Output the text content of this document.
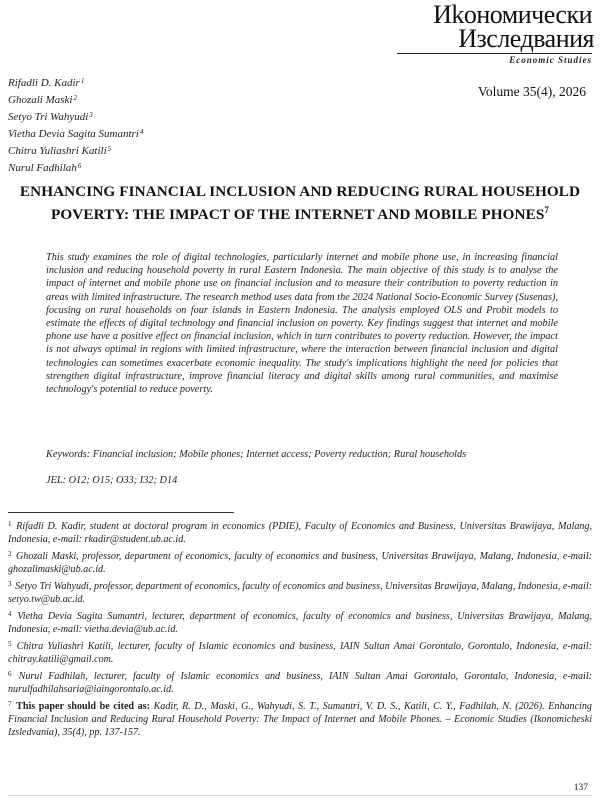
Иkономически
Изследвания
Economic Studies
Volume 35(4), 2026
Rifadli D. Kadir$^1$
Ghozali Maski$^2$
Setyo Tri Wahyudi$^3$
Vietha Devia Sagita Sumantri$^4$
Chitra Yuliashri Katili$^5$
Nurul Fadhilah$^6$
ENHANCING FINANCIAL INCLUSION AND REDUCING RURAL HOUSEHOLD POVERTY: THE IMPACT OF THE INTERNET AND MOBILE PHONES$^7$
This study examines the role of digital technologies, particularly internet and mobile phone use, in increasing financial inclusion and reducing household poverty in rural Eastern Indonesia. The main objective of this study is to analyse the impact of internet and mobile phone use on financial inclusion and to measure their contribution to poverty reduction in areas with limited infrastructure. The research method uses data from the 2024 National Socio-Economic Survey (Susenas), focusing on rural households on four islands in Eastern Indonesia. The analysis employed OLS and Probit models to estimate the effects of digital technology and financial inclusion on poverty. Key findings suggest that internet and mobile phone use have a positive effect on financial inclusion, which in turn contributes to poverty reduction. However, the impact is not always optimal in regions with limited infrastructure, where the interaction between financial inclusion and digital technologies can sometimes exacerbate economic inequality. The study's implications highlight the need for policies that strengthen digital infrastructure, improve financial literacy and digital skills among rural communities, and maximise technology's potential to reduce poverty.
Keywords: Financial inclusion; Mobile phones; Internet access; Poverty reduction; Rural households
JEL: O12; O15; O33; I32; D14
$^1$ Rifadli D. Kadir, student at doctoral program in economics (PDIE), Faculty of Economics and Business, Universitas Brawijaya, Malang, Indonesia, e-mail: rkadir@student.ub.ac.id.
$^2$ Ghozali Maski, professor, department of economics, faculty of economics and business, Universitas Brawijaya, Malang, Indonesia, e-mail: ghozalimaski@ub.ac.id.
$^3$ Setyo Tri Wahyudi, professor, department of economics, faculty of economics and business, Universitas Brawijaya, Malang, Indonesia, e-mail: setyo.tw@ub.ac.id.
$^4$ Vietha Devia Sagita Sumantri, lecturer, department of economics, faculty of economics and business, Universitas Brawijaya, Malang, Indonesia, e-mail: vietha.devia@ub.ac.id.
$^5$ Chitra Yuliashri Katili, lecturer, faculty of Islamic economics and business, IAIN Sultan Amai Gorontalo, Gorontalo, Indonesia, e-mail: chitray.katili@gmail.com.
$^6$ Nurul Fadhilah, lecturer, faculty of Islamic economics and business, IAIN Sultan Amai Gorontalo, Gorontalo, Indonesia, e-mail: nurulfadhilahsaria@iaingorontalo.ac.id.
$^7$ This paper should be cited as: Kadir, R. D., Maski, G., Wahyudi, S. T., Sumantri, V. D. S., Katili, C. Y., Fadhilah, N. (2026). Enhancing Financial Inclusion and Reducing Rural Household Poverty: The Impact of Internet and Mobile Phones. – Economic Studies (Ikonomicheski Izsledvania), 35(4), pp. 137-157.
137
